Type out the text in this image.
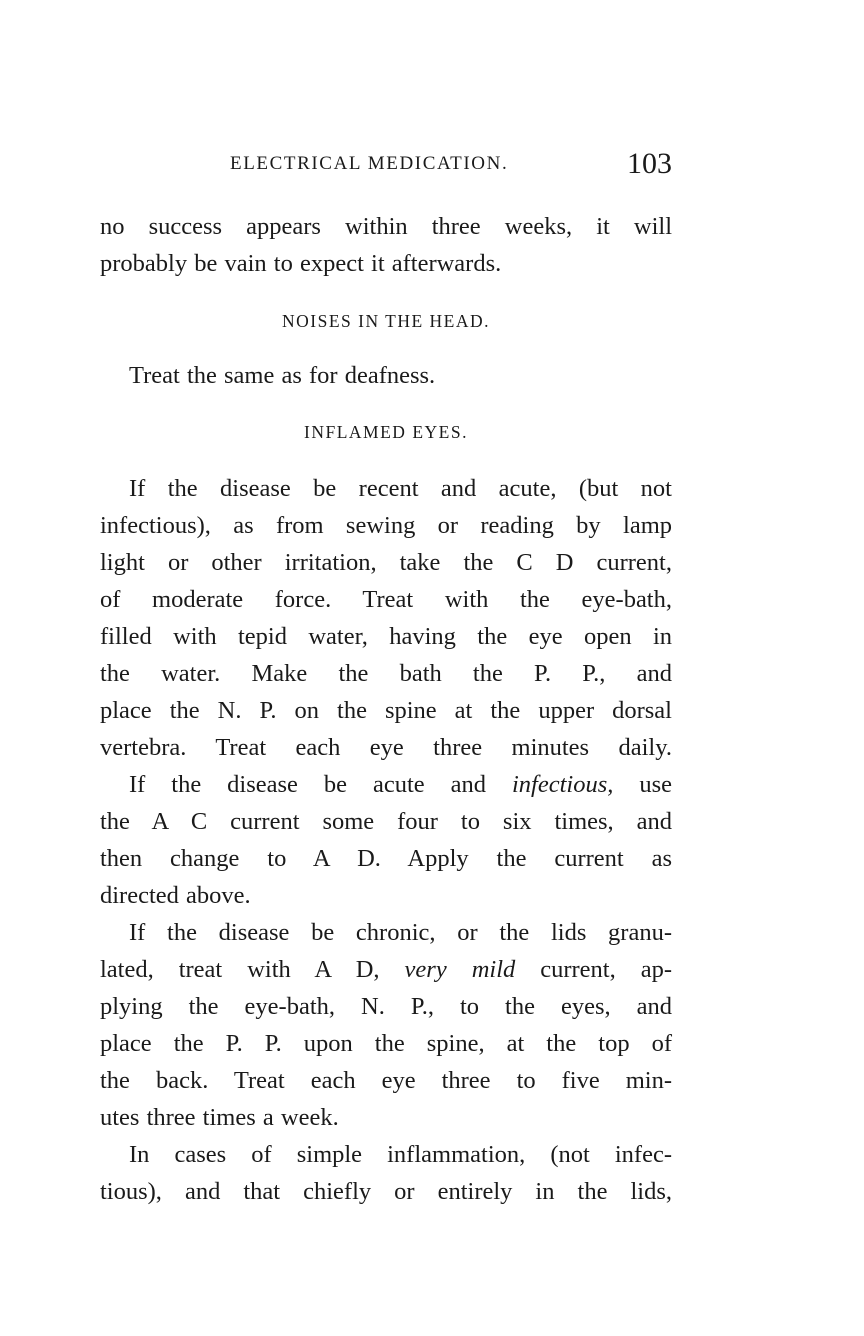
ELECTRICAL MEDICATION.	103
no success appears within three weeks, it will
probably be vain to expect it afterwards.
NOISES IN THE HEAD.
Treat the same as for deafness.
INFLAMED EYES.
If the disease be recent and acute, (but not
infectious), as from sewing or reading by lamp
light or other irritation, take the C D current,
of moderate force. Treat with the eye-bath,
filled with tepid water, having the eye open in
the water. Make the bath the P. P., and
place the N. P. on the spine at the upper dorsal
vertebra. Treat each eye three minutes daily.
If the disease be acute and infectious, use
the A C current some four to six times, and
then change to A D. Apply the current as
directed above.
If the disease be chronic, or the lids granu-
lated, treat with A D, very mild current, ap-
plying the eye-bath, N. P., to the eyes, and
place the P. P. upon the spine, at the top of
the back. Treat each eye three to five min-
utes three times a week.
In cases of simple inflammation, (not infec-
tious), and that chiefly or entirely in the lids,
